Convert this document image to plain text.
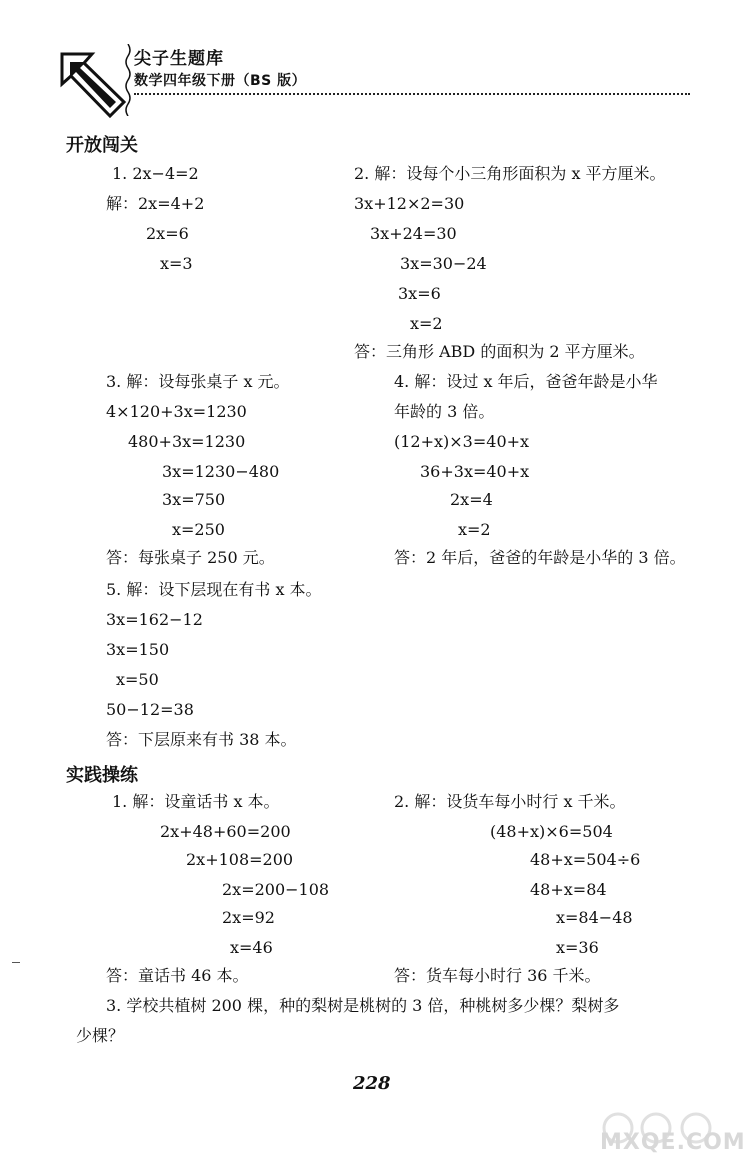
尖子生题库
数学四年级下册（BS 版）
开放闯关
1. 2x−4=2
解：2x=4+2
2x=6
x=3
2. 解：设每个小三角形面积为 x 平方厘米。
3x+12×2=30
3x+24=30
3x=30−24
3x=6
x=2
答：三角形 ABD 的面积为 2 平方厘米。
3. 解：设每张桌子 x 元。
4×120+3x=1230
480+3x=1230
3x=1230−480
3x=750
x=250
答：每张桌子 250 元。
4. 解：设过 x 年后，爸爸年龄是小华
年龄的 3 倍。
(12+x)×3=40+x
36+3x=40+x
2x=4
x=2
答：2 年后，爸爸的年龄是小华的 3 倍。
5. 解：设下层现在有书 x 本。
3x=162−12
3x=150
x=50
50−12=38
答：下层原来有书 38 本。
实践操练
1. 解：设童话书 x 本。
2x+48+60=200
2x+108=200
2x=200−108
2x=92
x=46
答：童话书 46 本。
2. 解：设货车每小时行 x 千米。
(48+x)×6=504
48+x=504÷6
48+x=84
x=84−48
x=36
答：货车每小时行 36 千米。
3. 学校共植树 200 棵，种的梨树是桃树的 3 倍，种桃树多少棵？梨树多
少棵？
228
MXQE.COM
